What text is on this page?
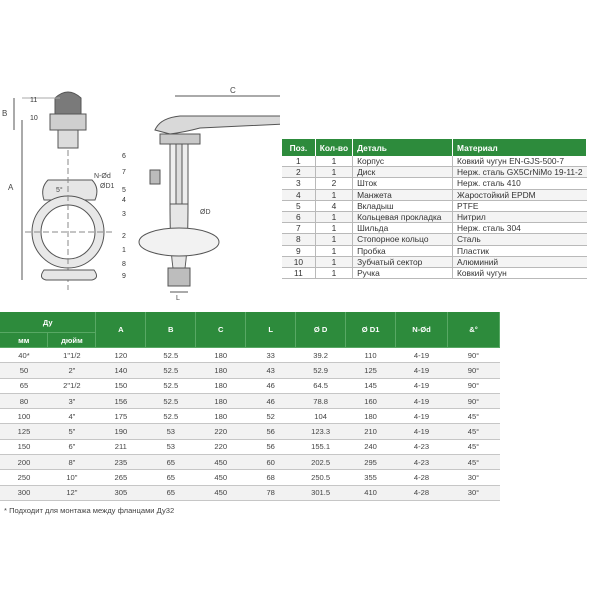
A
B
11
10
5°
N-Ød
ØD1
C
ØD
L
6
7
5
4
3
2
1
8
9
Поз.	Кол-во	Деталь	Материал
1	1	Корпус	Ковкий чугун EN-GJS-500-7
2	1	Диск	Нерж. сталь GX5CrNiMo 19-11-2
3	2	Шток	Нерж. сталь 410
4	1	Манжета	Жаростойкий EPDM
5	4	Вкладыш	PTFE
6	1	Кольцевая прокладка	Нитрил
7	1	Шильда	Нерж. сталь 304
8	1	Стопорное кольцо	Сталь
9	1	Пробка	Пластик
10	1	Зубчатый сектор	Алюминий
11	1	Ручка	Ковкий чугун
Ду		A	B	C	L	Ø D	Ø D1	N-Ød	&°
мм	дюйм								
40*	1"1/2	120	52.5	180	33	39.2	110	4-19	90°
50	2"	140	52.5	180	43	52.9	125	4-19	90°
65	2"1/2	150	52.5	180	46	64.5	145	4-19	90°
80	3"	156	52.5	180	46	78.8	160	4-19	90°
100	4"	175	52.5	180	52	104	180	4-19	45°
125	5"	190	53	220	56	123.3	210	4-19	45°
150	6"	211	53	220	56	155.1	240	4-23	45°
200	8"	235	65	450	60	202.5	295	4-23	45°
250	10"	265	65	450	68	250.5	355	4-28	30°
300	12"	305	65	450	78	301.5	410	4-28	30°
* Подходит для монтажа между фланцами Ду32
